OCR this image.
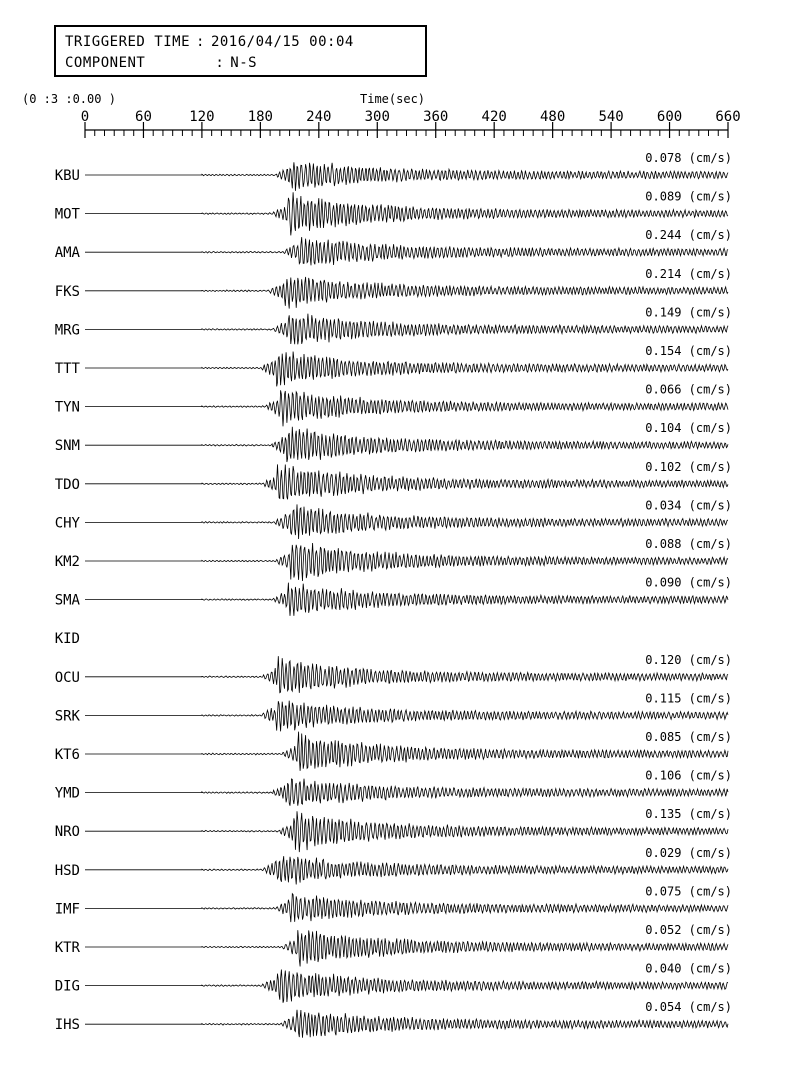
TRIGGERED TIME : 2016/04/15 00:04
COMPONENT	: N-S
(0 :3 :0.00 )	Time(sec)
0	60	120 180 240 300 360 420 480 540 600 660
KBU
0.078 (cm/s)
MOT
0.089 (cm/s)
AMA
0.244 (cm/s)
FKS
0.214 (cm/s)
MRG
0.149 (cm/s)
TTT
0.154 (cm/s)
TYN
0.066 (cm/s)
SNM
0.104 (cm/s)
TDO
0.102 (cm/s)
CHY
0.034 (cm/s)
KM2
0.088 (cm/s)
SMA
0.090 (cm/s)
KID
OCU
0.120 (cm/s)
SRK
0.115 (cm/s)
KT6
0.085 (cm/s)
YMD
0.106 (cm/s)
NRO
0.135 (cm/s)
HSD
0.029 (cm/s)
IMF
0.075 (cm/s)
KTR
0.052 (cm/s)
DIG
0.040 (cm/s)
IHS
0.054 (cm/s)
